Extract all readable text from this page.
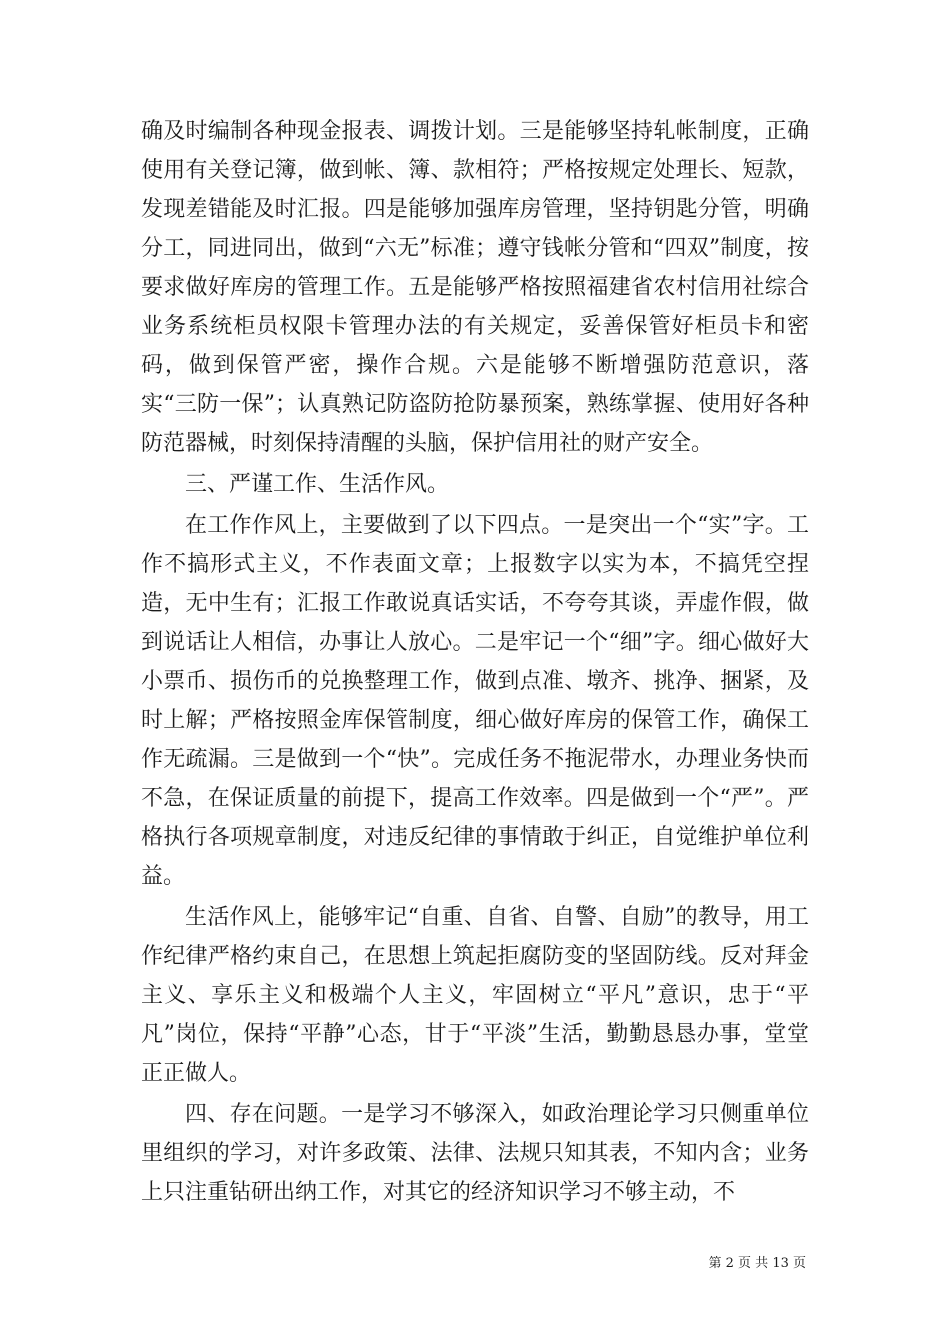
确及时编制各种现金报表、调拨计划。三是能够坚持轧帐制度，正确使用有关登记簿，做到帐、簿、款相符；严格按规定处理长、短款，发现差错能及时汇报。四是能够加强库房管理，坚持钥匙分管，明确分工，同进同出，做到“六无”标准；遵守钱帐分管和“四双”制度，按要求做好库房的管理工作。五是能够严格按照福建省农村信用社综合业务系统柜员权限卡管理办法的有关规定，妥善保管好柜员卡和密码，做到保管严密，操作合规。六是能够不断增强防范意识，落实“三防一保”；认真熟记防盗防抢防暴预案，熟练掌握、使用好各种防范器械，时刻保持清醒的头脑，保护信用社的财产安全。

三、严谨工作、生活作风。

在工作作风上，主要做到了以下四点。一是突出一个“实”字。工作不搞形式主义，不作表面文章；上报数字以实为本，不搞凭空捏造，无中生有；汇报工作敢说真话实话，不夸夸其谈，弄虚作假，做到说话让人相信，办事让人放心。二是牢记一个“细”字。细心做好大小票币、损伤币的兑换整理工作，做到点准、墩齐、挑净、捆紧，及时上解；严格按照金库保管制度，细心做好库房的保管工作，确保工作无疏漏。三是做到一个“快”。完成任务不拖泥带水，办理业务快而不急，在保证质量的前提下，提高工作效率。四是做到一个“严”。严格执行各项规章制度，对违反纪律的事情敢于纠正，自觉维护单位利益。

生活作风上，能够牢记“自重、自省、自警、自励”的教导，用工作纪律严格约束自己，在思想上筑起拒腐防变的坚固防线。反对拜金主义、享乐主义和极端个人主义，牢固树立“平凡”意识，忠于“平凡”岗位，保持“平静”心态，甘于“平淡”生活，勤勤恳恳办事，堂堂正正做人。

四、存在问题。一是学习不够深入，如政治理论学习只侧重单位里组织的学习，对许多政策、法律、法规只知其表，不知内含；业务上只注重钻研出纳工作，对其它的经济知识学习不够主动，不

第 2 页 共 13 页
